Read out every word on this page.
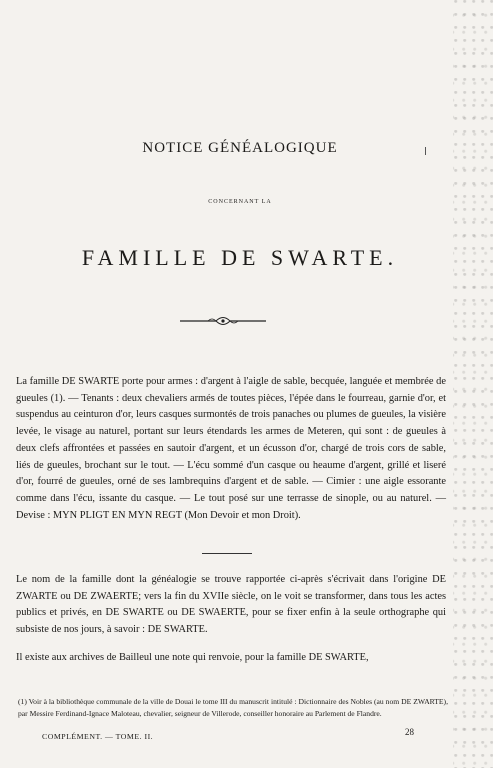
NOTICE GÉNÉALOGIQUE
CONCERNANT LA
FAMILLE DE SWARTE.
La famille DE SWARTE porte pour armes : d'argent à l'aigle de sable, becquée, languée et membrée de gueules (1). — Tenants : deux chevaliers armés de toutes pièces, l'épée dans le fourreau, garnie d'or, et suspendus au ceinturon d'or, leurs casques surmontés de trois panaches ou plumes de gueules, la visière levée, le visage au naturel, portant sur leurs étendards les armes de Meteren, qui sont : de gueules à deux clefs affrontées et passées en sautoir d'argent, et un écusson d'or, chargé de trois cors de sable, liés de gueules, brochant sur le tout. — L'écu sommé d'un casque ou heaume d'argent, grillé et liseré d'or, fourré de gueules, orné de ses lambrequins d'argent et de sable. — Cimier : une aigle essorante comme dans l'écu, issante du casque. — Le tout posé sur une terrasse de sinople, ou au naturel. — Devise : MYN PLIGT EN MYN REGT (Mon Devoir et mon Droit).
Le nom de la famille dont la généalogie se trouve rapportée ci-après s'écrivait dans l'origine DE ZWARTE ou DE ZWAERTE; vers la fin du XVIIe siècle, on le voit se transformer, dans tous les actes publics et privés, en DE SWARTE ou DE SWAERTE, pour se fixer enfin à la seule orthographe qui subsiste de nos jours, à savoir : DE SWARTE.
Il existe aux archives de Bailleul une note qui renvoie, pour la famille DE SWARTE,
(1) Voir à la bibliothèque communale de la ville de Douai le tome III du manuscrit intitulé : Dictionnaire des Nobles (au nom DE ZWARTE), par Messire Ferdinand-Ignace Maloteau, chevalier, seigneur de Villerode, conseiller honoraire au Parlement de Flandre.
COMPLÉMENT. — TOME. II.	28
